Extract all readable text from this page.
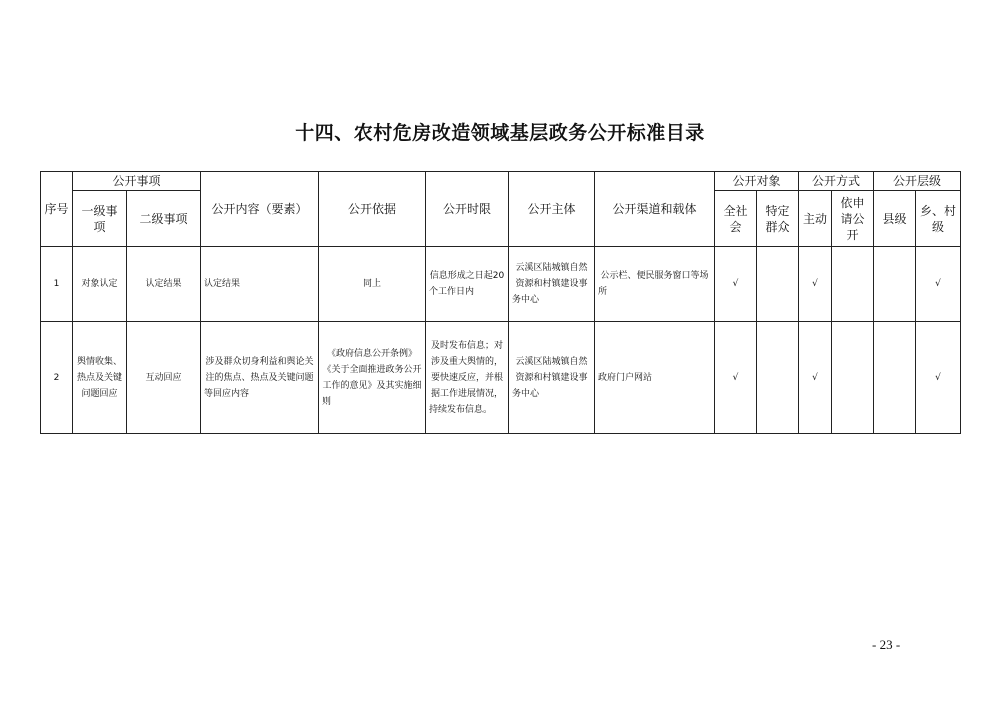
十四、农村危房改造领域基层政务公开标准目录
序号	公开事项		公开内容（要素）	公开依据	公开时限	公开主体	公开渠道和载体	公开对象		公开方式		公开层级	
	一级事项	二级事项						全社会	特定群众	主动	依申请公开	县级	乡、村级
1	对象认定	认定结果	认定结果	同上	信息形成之日起20个工作日内	云溪区陆城镇自然资源和村镇建设事务中心	公示栏、便民服务窗口等场所	√		√			√
2	舆情收集、热点及关键问题回应	互动回应	涉及群众切身利益和舆论关注的焦点、热点及关键问题等回应内容	《政府信息公开条例》《关于全面推进政务公开工作的意见》及其实施细则	及时发布信息；对涉及重大舆情的，要快速反应，并根据工作进展情况，持续发布信息。	云溪区陆城镇自然资源和村镇建设事务中心	政府门户网站	√		√			√
- 23 -
